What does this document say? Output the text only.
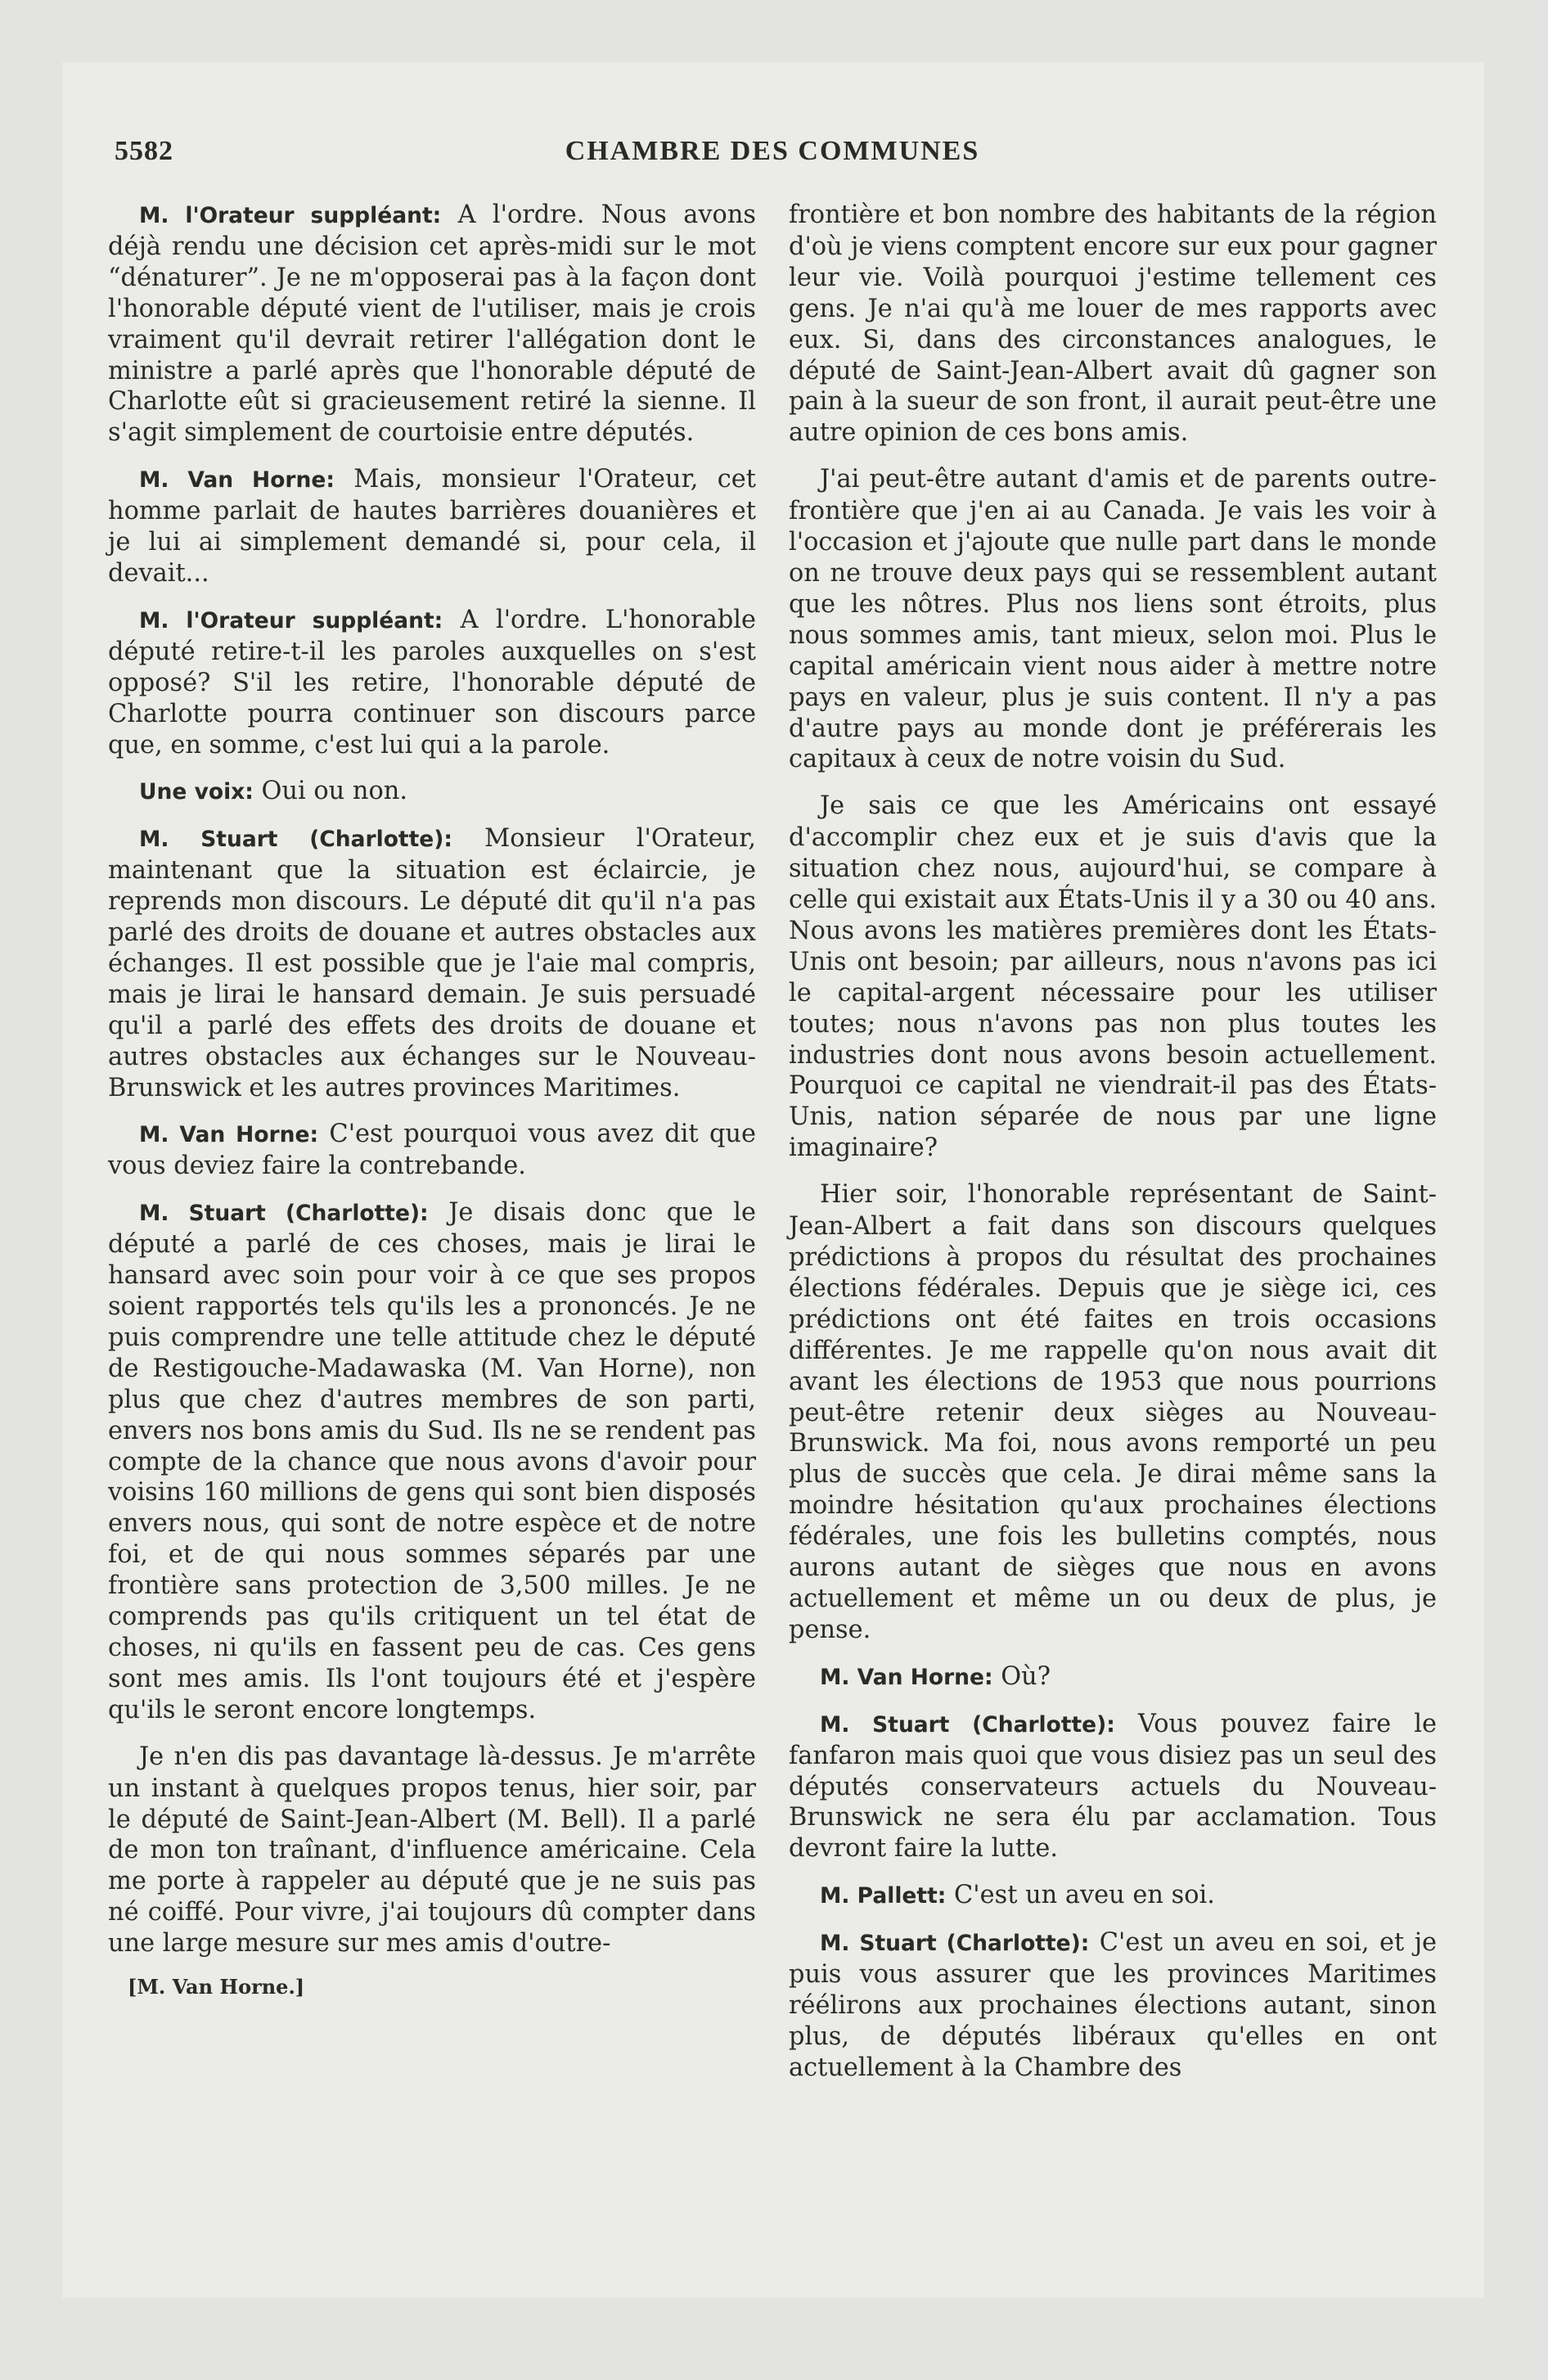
5582	CHAMBRE DES COMMUNES

M. l'Orateur suppléant: A l'ordre. Nous avons déjà rendu une décision cet après-midi sur le mot “dénaturer”. Je ne m'opposerai pas à la façon dont l'honorable député vient de l'utiliser, mais je crois vraiment qu'il devrait retirer l'allégation dont le ministre a parlé après que l'honorable député de Charlotte eût si gracieusement retiré la sienne. Il s'agit simplement de courtoisie entre députés.

M. Van Horne: Mais, monsieur l'Orateur, cet homme parlait de hautes barrières douanières et je lui ai simplement demandé si, pour cela, il devait...

M. l'Orateur suppléant: A l'ordre. L'honorable député retire-t-il les paroles auxquelles on s'est opposé? S'il les retire, l'honorable député de Charlotte pourra continuer son discours parce que, en somme, c'est lui qui a la parole.

Une voix: Oui ou non.

M. Stuart (Charlotte): Monsieur l'Orateur, maintenant que la situation est éclaircie, je reprends mon discours. Le député dit qu'il n'a pas parlé des droits de douane et autres obstacles aux échanges. Il est possible que je l'aie mal compris, mais je lirai le hansard demain. Je suis persuadé qu'il a parlé des effets des droits de douane et autres obstacles aux échanges sur le Nouveau-Brunswick et les autres provinces Maritimes.

M. Van Horne: C'est pourquoi vous avez dit que vous deviez faire la contrebande.

M. Stuart (Charlotte): Je disais donc que le député a parlé de ces choses, mais je lirai le hansard avec soin pour voir à ce que ses propos soient rapportés tels qu'ils les a prononcés. Je ne puis comprendre une telle attitude chez le député de Restigouche-Madawaska (M. Van Horne), non plus que chez d'autres membres de son parti, envers nos bons amis du Sud. Ils ne se rendent pas compte de la chance que nous avons d'avoir pour voisins 160 millions de gens qui sont bien disposés envers nous, qui sont de notre espèce et de notre foi, et de qui nous sommes séparés par une frontière sans protection de 3,500 milles. Je ne comprends pas qu'ils critiquent un tel état de choses, ni qu'ils en fassent peu de cas. Ces gens sont mes amis. Ils l'ont toujours été et j'espère qu'ils le seront encore longtemps.

Je n'en dis pas davantage là-dessus. Je m'arrête un instant à quelques propos tenus, hier soir, par le député de Saint-Jean-Albert (M. Bell). Il a parlé de mon ton traînant, d'influence américaine. Cela me porte à rappeler au député que je ne suis pas né coiffé. Pour vivre, j'ai toujours dû compter dans une large mesure sur mes amis d'outre-

[M. Van Horne.]

frontière et bon nombre des habitants de la région d'où je viens comptent encore sur eux pour gagner leur vie. Voilà pourquoi j'estime tellement ces gens. Je n'ai qu'à me louer de mes rapports avec eux. Si, dans des circonstances analogues, le député de Saint-Jean-Albert avait dû gagner son pain à la sueur de son front, il aurait peut-être une autre opinion de ces bons amis.

J'ai peut-être autant d'amis et de parents outre-frontière que j'en ai au Canada. Je vais les voir à l'occasion et j'ajoute que nulle part dans le monde on ne trouve deux pays qui se ressemblent autant que les nôtres. Plus nos liens sont étroits, plus nous sommes amis, tant mieux, selon moi. Plus le capital américain vient nous aider à mettre notre pays en valeur, plus je suis content. Il n'y a pas d'autre pays au monde dont je préférerais les capitaux à ceux de notre voisin du Sud.

Je sais ce que les Américains ont essayé d'accomplir chez eux et je suis d'avis que la situation chez nous, aujourd'hui, se compare à celle qui existait aux États-Unis il y a 30 ou 40 ans. Nous avons les matières premières dont les États-Unis ont besoin; par ailleurs, nous n'avons pas ici le capital-argent nécessaire pour les utiliser toutes; nous n'avons pas non plus toutes les industries dont nous avons besoin actuellement. Pourquoi ce capital ne viendrait-il pas des États-Unis, nation séparée de nous par une ligne imaginaire?

Hier soir, l'honorable représentant de Saint-Jean-Albert a fait dans son discours quelques prédictions à propos du résultat des prochaines élections fédérales. Depuis que je siège ici, ces prédictions ont été faites en trois occasions différentes. Je me rappelle qu'on nous avait dit avant les élections de 1953 que nous pourrions peut-être retenir deux sièges au Nouveau-Brunswick. Ma foi, nous avons remporté un peu plus de succès que cela. Je dirai même sans la moindre hésitation qu'aux prochaines élections fédérales, une fois les bulletins comptés, nous aurons autant de sièges que nous en avons actuellement et même un ou deux de plus, je pense.

M. Van Horne: Où?

M. Stuart (Charlotte): Vous pouvez faire le fanfaron mais quoi que vous disiez pas un seul des députés conservateurs actuels du Nouveau-Brunswick ne sera élu par acclamation. Tous devront faire la lutte.

M. Pallett: C'est un aveu en soi.

M. Stuart (Charlotte): C'est un aveu en soi, et je puis vous assurer que les provinces Maritimes réélirons aux prochaines élections autant, sinon plus, de députés libéraux qu'elles en ont actuellement à la Chambre des
